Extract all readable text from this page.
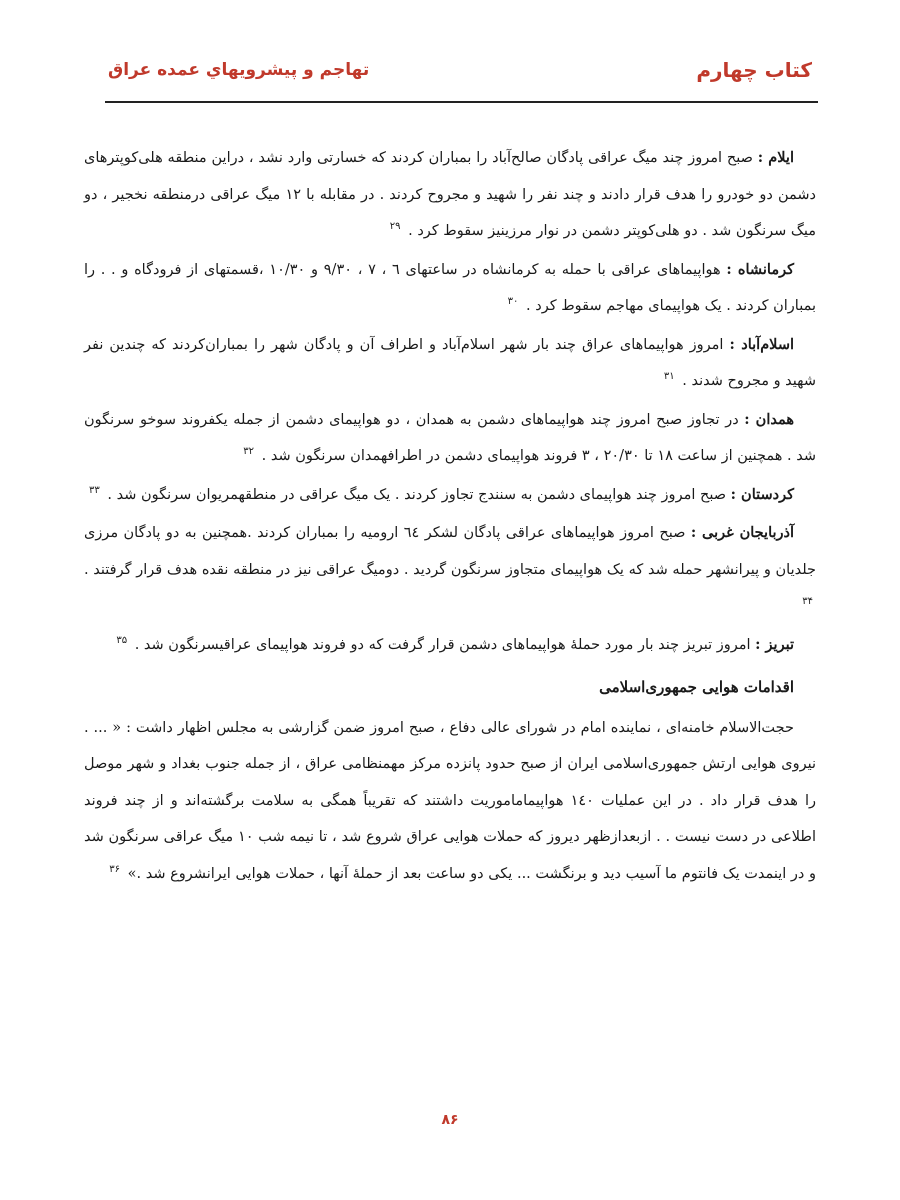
کتاب چهارم
تهاجم و پیشرویهاي عمده عراق

ایلام : صبح امروز چند میگ عراقی پادگان صالح‌آباد را بمباران کردند که خسارتی وارد نشد ، دراین منطقه هلی‌کوپترهای دشمن دو خودرو را هدف قرار دادند و چند نفر را شهید و مجروح کردند . در مقابله با ۱۲ میگ عراقی درمنطقه نخجیر ، دو میگ سرنگون شد . دو هلی‌کوپتر دشمن در نوار مرزینیز سقوط کرد . $^{۲۹}$

کرمانشاه : هواپیماهای عراقی با حمله به کرمانشاه در ساعتهای ٦ ، ٧ ، ٩/٣٠ و ١٠/٣٠ ،قسمتهای از فرودگاه و . . را بمباران کردند . یک هواپیمای مهاجم سقوط کرد . $^{۳۰}$

اسلام‌آباد : امروز هواپیماهای عراق چند بار شهر اسلام‌آباد و اطراف آن و پادگان شهر را بمباران‌کردند که چندین نفر شهید و مجروح شدند . $^{۳۱}$

همدان : در تجاوز صبح امروز چند هواپیماهای دشمن به همدان ، دو هواپیمای دشمن از جمله یکفروند سوخو سرنگون شد . همچنین از ساعت ١٨ تا ٢٠/٣٠ ، ٣ فروند هواپیمای دشمن در اطرافهمدان سرنگون شد . $^{۳۲}$

کردستان : صبح امروز چند هواپیمای دشمن به سنندج تجاوز کردند . یک میگ عراقی در منطقهمریوان سرنگون شد . $^{۳۳}$

آذربایجان غربی : صبح امروز هواپیماهای عراقی پادگان لشکر ٦٤ ارومیه را بمباران کردند .همچنین به دو پادگان مرزی جلدیان و پیرانشهر حمله شد که یک هواپیمای متجاوز سرنگون گردید . دومیگ عراقی نیز در منطقه نقده هدف قرار گرفتند . $^{۳۴}$

تبریز : امروز تبریز چند بار مورد حملۀ هواپیماهای دشمن قرار گرفت که دو فروند هواپیمای عراقیسرنگون شد . $^{۳۵}$

اقدامات هوایی جمهوری‌اسلامی

حجت‌الاسلام خامنه‌ای ، نماینده امام در شورای عالی دفاع ، صبح امروز ضمن گزارشی به مجلس اظهار داشت : « ... . نیروی هوایی ارتش جمهوری‌اسلامی ایران از صبح حدود پانزده مرکز مهمنظامی عراق ، از جمله جنوب بغداد و شهر موصل را هدف قرار داد . در این عملیات ١٤٠ هواپیماماموریت داشتند که تقریباً همگی به سلامت برگشته‌اند و از چند فروند اطلاعی در دست نیست . . ازبعدازظهر دیروز که حملات هوایی عراق شروع شد ، تا نیمه شب ١٠ میگ عراقی سرنگون شد و در اینمدت یک فانتوم ما آسیب دید و برنگشت ... یکی دو ساعت بعد از حملۀ آنها ، حملات هوایی ایرانشروع شد .» $^{۳۶}$

۸۶
